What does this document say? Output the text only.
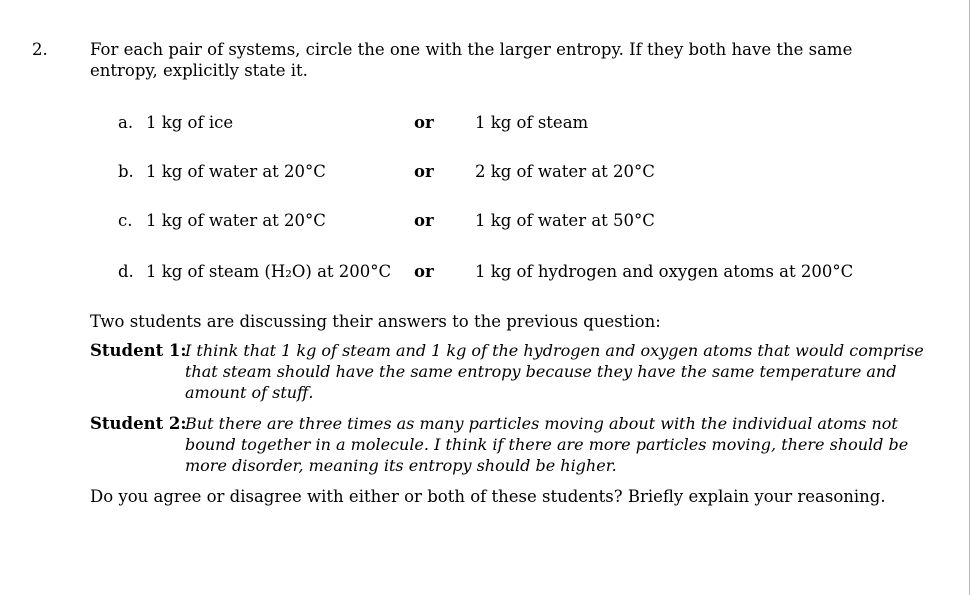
2.	For each pair of systems, circle the one with the larger entropy. If they both have the same entropy, explicitly state it.
a. 1 kg of ice	or	1 kg of steam
b. 1 kg of water at 20°C	or	2 kg of water at 20°C
c. 1 kg of water at 20°C	or	1 kg of water at 50°C
d. 1 kg of steam (H₂O) at 200°C or	1 kg of hydrogen and oxygen atoms at 200°C
Two students are discussing their answers to the previous question:
Student 1:
I think that 1 kg of steam and 1 kg of the hydrogen and oxygen atoms that would comprise
that steam should have the same entropy because they have the same temperature and
amount of stuff.
Student 2:
But there are three times as many particles moving about with the individual atoms not
bound together in a molecule. I think if there are more particles moving, there should be
more disorder, meaning its entropy should be higher.
Do you agree or disagree with either or both of these students? Briefly explain your reasoning.
